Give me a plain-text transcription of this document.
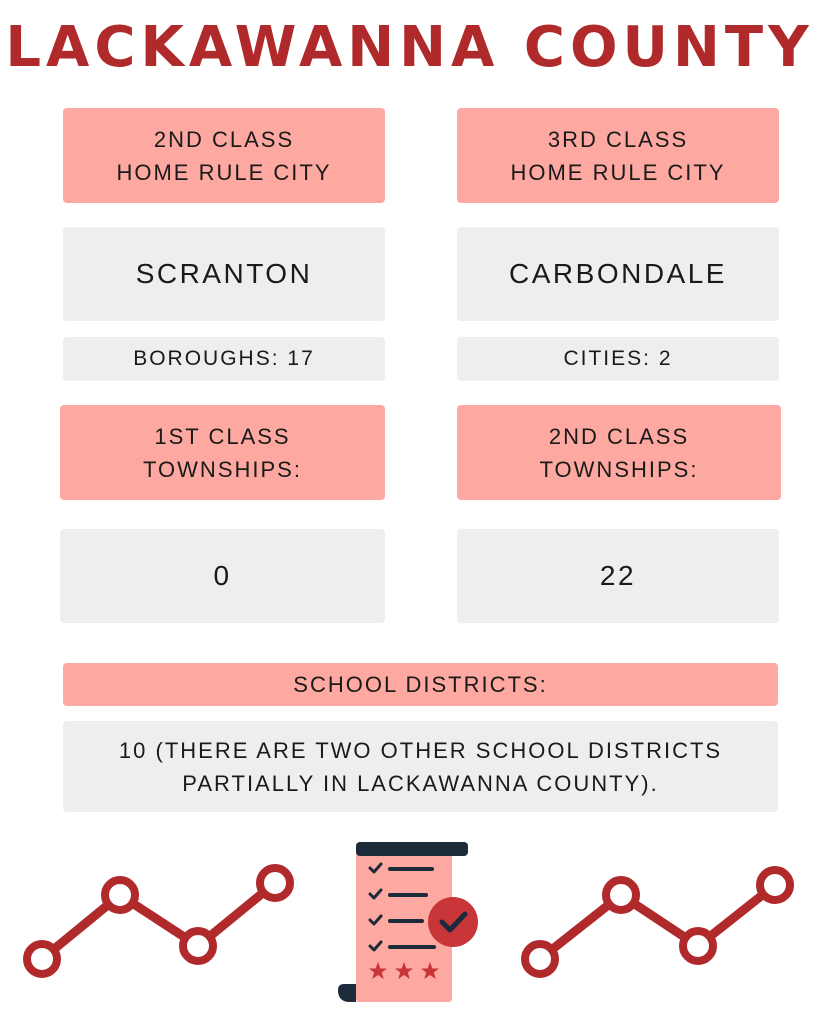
LACKAWANNA COUNTY
2ND CLASS
HOME RULE CITY
3RD CLASS
HOME RULE CITY
SCRANTON	CARBONDALE
BOROUGHS: 17	CITIES: 2
1ST CLASS
TOWNSHIPS:
2ND CLASS
TOWNSHIPS:
0	22
SCHOOL DISTRICTS:
10 (THERE ARE TWO OTHER SCHOOL DISTRICTS
PARTIALLY IN LACKAWANNA COUNTY).
